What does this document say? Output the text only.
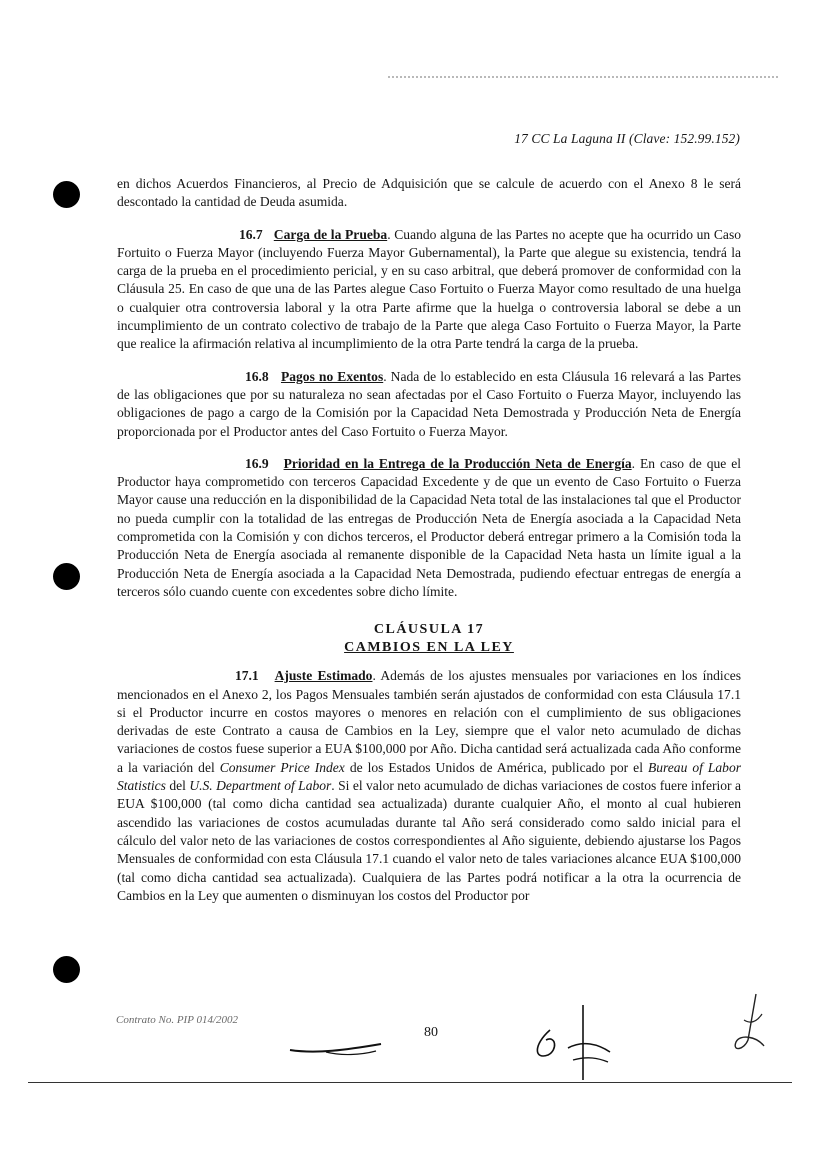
17 CC La Laguna II (Clave: 152.99.152)

en dichos Acuerdos Financieros, al Precio de Adquisición que se calcule de acuerdo con el Anexo 8 le será descontado la cantidad de Deuda asumida.

16.7 Carga de la Prueba. Cuando alguna de las Partes no acepte que ha ocurrido un Caso Fortuito o Fuerza Mayor (incluyendo Fuerza Mayor Gubernamental), la Parte que alegue su existencia, tendrá la carga de la prueba en el procedimiento pericial, y en su caso arbitral, que deberá promover de conformidad con la Cláusula 25. En caso de que una de las Partes alegue Caso Fortuito o Fuerza Mayor como resultado de una huelga o cualquier otra controversia laboral y la otra Parte afirme que la huelga o controversia laboral se debe a un incumplimiento de un contrato colectivo de trabajo de la Parte que alega Caso Fortuito o Fuerza Mayor, la Parte que realice la afirmación relativa al incumplimiento de la otra Parte tendrá la carga de la prueba.

16.8 Pagos no Exentos. Nada de lo establecido en esta Cláusula 16 relevará a las Partes de las obligaciones que por su naturaleza no sean afectadas por el Caso Fortuito o Fuerza Mayor, incluyendo las obligaciones de pago a cargo de la Comisión por la Capacidad Neta Demostrada y Producción Neta de Energía proporcionada por el Productor antes del Caso Fortuito o Fuerza Mayor.

16.9 Prioridad en la Entrega de la Producción Neta de Energía. En caso de que el Productor haya comprometido con terceros Capacidad Excedente y de que un evento de Caso Fortuito o Fuerza Mayor cause una reducción en la disponibilidad de la Capacidad Neta total de las instalaciones tal que el Productor no pueda cumplir con la totalidad de las entregas de Producción Neta de Energía asociada a la Capacidad Neta comprometida con la Comisión y con dichos terceros, el Productor deberá entregar primero a la Comisión toda la Producción Neta de Energía asociada al remanente disponible de la Capacidad Neta hasta un límite igual a la Producción Neta de Energía asociada a la Capacidad Neta Demostrada, pudiendo efectuar entregas de energía a terceros sólo cuando cuente con excedentes sobre dicho límite.

CLÁUSULA 17
CAMBIOS EN LA LEY

17.1 Ajuste Estimado. Además de los ajustes mensuales por variaciones en los índices mencionados en el Anexo 2, los Pagos Mensuales también serán ajustados de conformidad con esta Cláusula 17.1 si el Productor incurre en costos mayores o menores en relación con el cumplimiento de sus obligaciones derivadas de este Contrato a causa de Cambios en la Ley, siempre que el valor neto acumulado de dichas variaciones de costos fuese superior a EUA $100,000 por Año. Dicha cantidad será actualizada cada Año conforme a la variación del Consumer Price Index de los Estados Unidos de América, publicado por el Bureau of Labor Statistics del U.S. Department of Labor. Si el valor neto acumulado de dichas variaciones de costos fuere inferior a EUA $100,000 (tal como dicha cantidad sea actualizada) durante cualquier Año, el monto al cual hubieren ascendido las variaciones de costos acumuladas durante tal Año será considerado como saldo inicial para el cálculo del valor neto de las variaciones de costos correspondientes al Año siguiente, debiendo ajustarse los Pagos Mensuales de conformidad con esta Cláusula 17.1 cuando el valor neto de tales variaciones alcance EUA $100,000 (tal como dicha cantidad sea actualizada). Cualquiera de las Partes podrá notificar a la otra la ocurrencia de Cambios en la Ley que aumenten o disminuyan los costos del Productor por

Contrato No. PIP 014/2002
80
